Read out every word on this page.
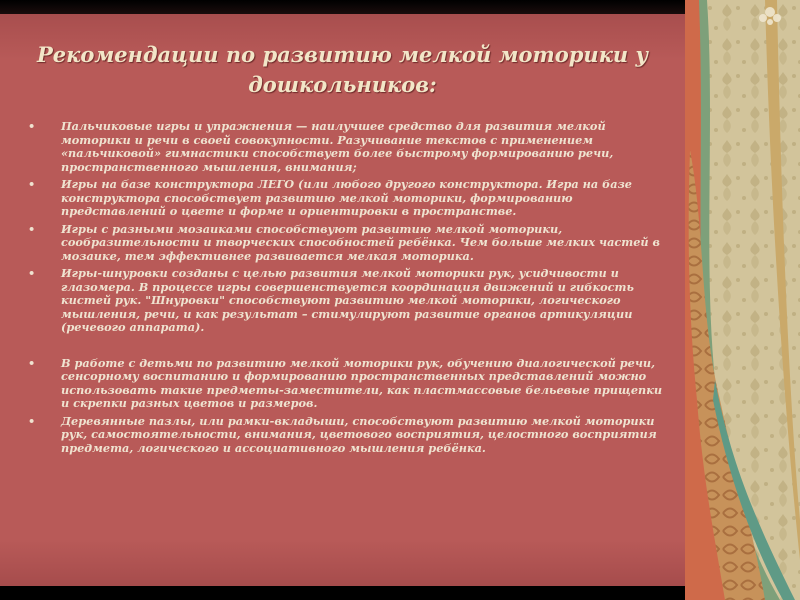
Рекомендации по развитию мелкой моторики у дошкольников:
• Пальчиковые игры и упражнения — наилучшее средство для развития мелкой моторики и речи в своей совокупности. Разучивание текстов с применением «пальчиковой» гимнастики способствует более быстрому формированию речи, пространственного мышления, внимания;
• Игры на базе конструктора ЛЕГО (или любого другого конструктора. Игра на базе конструктора способствует развитию мелкой моторики, формированию представлений о цвете и форме и ориентировки в пространстве.
• Игры с разными мозаиками способствуют развитию мелкой моторики, сообразительности и творческих способностей ребёнка. Чем больше мелких частей в мозаике, тем эффективнее развивается мелкая моторика.
• Игры-шнуровки созданы с целью развития мелкой моторики рук, усидчивости и глазомера. В процессе игры совершенствуется координация движений и гибкость кистей рук. "Шнуровки" способствуют развитию мелкой моторики, логического мышления, речи, и как результат – стимулируют развитие органов артикуляции (речевого аппарата).
• В работе с детьми по развитию мелкой моторики рук, обучению диалогической речи, сенсорному воспитанию и формированию пространственных представлений можно использовать такие предметы-заместители, как пластмассовые бельевые прищепки и скрепки разных цветов и размеров.
• Деревянные пазлы, или рамки-вкладыши, способствуют развитию мелкой моторики рук, самостоятельности, внимания, цветового восприятия, целостного восприятия предмета, логического и ассоциативного мышления ребёнка.
